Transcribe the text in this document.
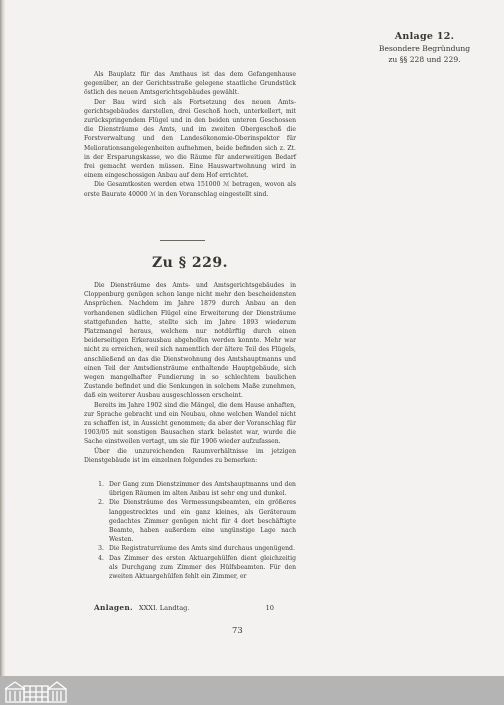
Anlage 12.
Besondere Begründung
zu §§ 228 und 229.

Als Bauplatz für das Amthaus ist das dem Gefangenhause gegenüber, an der Gerichtsstraße gelegene staatliche Grundstück östlich des neuen Amtsgerichtsgebäudes gewählt.

Der Bau wird sich als Fortsetzung des neuen Amtsgerichtsgebäudes darstellen, drei Geschoß hoch, unterkellert, mit zurückspringendem Flügel und in den beiden unteren Geschossen die Diensträume des Amts, und im zweiten Obergeschoß die Forstverwaltung und den Landesökonomie-Oberinspektor für Meliorationsangelegenheiten aufnehmen, beide befinden sich z. Zt. in der Ersparungskasse, wo die Räume für anderweitigen Bedarf frei gemacht werden müssen. Eine Hauswartwohnung wird in einem eingeschossigen Anbau auf dem Hof errichtet.

Die Gesamtkosten werden etwa 151000 ℳ betragen, wovon als erste Baurate 40000 ℳ in den Voranschlag eingestellt sind.

Zu § 229.

Die Diensträume des Amts- und Amtsgerichtsgebäudes in Cloppenburg genügen schon lange nicht mehr den bescheidensten Ansprüchen. Nachdem im Jahre 1879 durch Anbau an den vorhandenen südlichen Flügel eine Erweiterung der Diensträume stattgefunden hatte, stellte sich im Jahre 1893 wiederum Platzmangel heraus, welchem nur notdürftig durch einen beiderseitigen Erkerausbau abgeholfen werden konnte. Mehr war nicht zu erreichen, weil sich namentlich der ältere Teil des Flügels, anschließend an das die Dienstwohnung des Amtshauptmanns und einen Teil der Amtsdiensträume enthaltende Hauptgebäude, sich wegen mangelhafter Fundierung in so schlechtem baulichen Zustande befindet und die Senkungen in solchem Maße zunehmen, daß ein weiterer Ausbau ausgeschlossen erscheint.

Bereits im Jahre 1902 sind die Mängel, die dem Hause anhaften, zur Sprache gebracht und ein Neubau, ohne welchen Wandel nicht zu schaffen ist, in Aussicht genommen; da aber der Voranschlag für 1903/05 mit sonstigen Bausachen stark belastet war, wurde die Sache einstweilen vertagt, um sie für 1906 wieder aufzufassen.

Über die unzureichenden Raumverhältnisse im jetzigen Dienstgebäude ist im einzelnen folgendes zu bemerken:

1. Der Gang zum Dienstzimmer des Amtshauptmanns und den übrigen Räumen im alten Anbau ist sehr eng und dunkel.
2. Die Diensträume des Vermessungsbeamten, ein größeres langgestrecktes und ein ganz kleines, als Geräteraum gedachtes Zimmer genügen nicht für 4 dort beschäftigte Beamte, haben außerdem eine ungünstige Lage nach Westen.
3. Die Registraturräume des Amts sind durchaus ungenügend.
4. Das Zimmer des ersten Aktuargehülfen dient gleichzeitig als Durchgang zum Zimmer des Hülfsbeamten. Für den zweiten Aktuargehülfen fehlt ein Zimmer, er
Anlagen. XXXI. Landtag.	10
73
